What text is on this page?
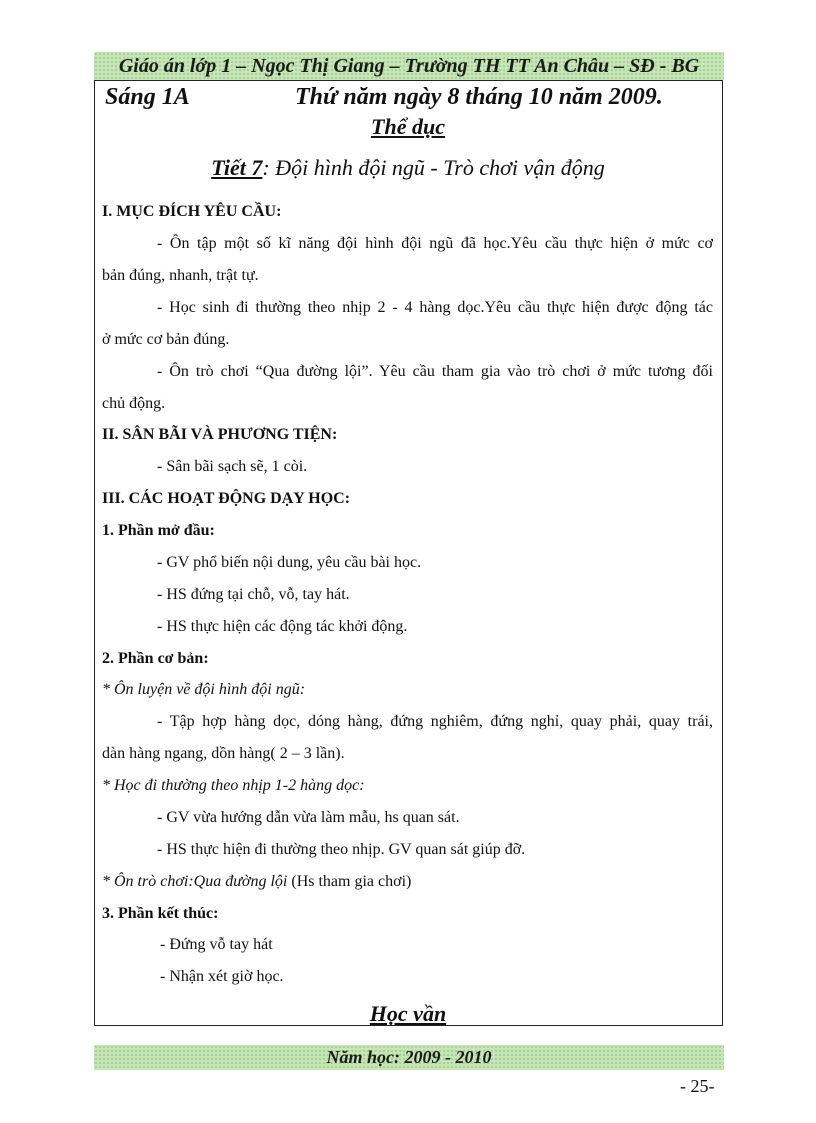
Giáo án lớp 1 – Ngọc Thị Giang – Trường TH TT An Châu – SĐ - BG
Sáng 1A	Thứ năm ngày 8 tháng 10 năm 2009.
Thể dục
Tiết 7: Đội hình đội ngũ - Trò chơi vận động
I. MỤC ĐÍCH YÊU CẦU:
- Ôn tập một số kĩ năng đội hình đội ngũ đã học.Yêu cầu thực hiện ở mức cơ
bản đúng, nhanh, trật tự.
- Học sinh đi thường theo nhịp 2 - 4 hàng dọc.Yêu cầu thực hiện được động tác
ở mức cơ bản đúng.
- Ôn trò chơi “Qua đường lội”. Yêu cầu tham gia vào trò chơi ở mức tương đối
chủ động.
II. SÂN BÃI VÀ PHƯƠNG TIỆN:
- Sân bãi sạch sẽ, 1 còi.
III. CÁC HOẠT ĐỘNG DẠY HỌC:
1. Phần mở đầu:
- GV phổ biến nội dung, yêu cầu bài học.
- HS đứng tại chỗ, vỗ, tay hát.
- HS thực hiện các động tác khởi động.
2. Phần cơ bản:
* Ôn luyện về đội hình đội ngũ:
- Tập hợp hàng dọc, dóng hàng, đứng nghiêm, đứng nghỉ, quay phải, quay trái,
dàn hàng ngang, dồn hàng( 2 – 3 lần).
* Học đi thường theo nhịp 1-2 hàng dọc:
- GV vừa hướng dẫn vừa làm mẫu, hs quan sát.
- HS thực hiện đi thường theo nhịp. GV quan sát giúp đỡ.
* Ôn trò chơi:Qua đường lội (Hs tham gia chơi)
3. Phần kết thúc:
- Đứng vỗ tay hát
- Nhận xét giờ học.
Học vần
Năm học: 2009 - 2010
- 25-
